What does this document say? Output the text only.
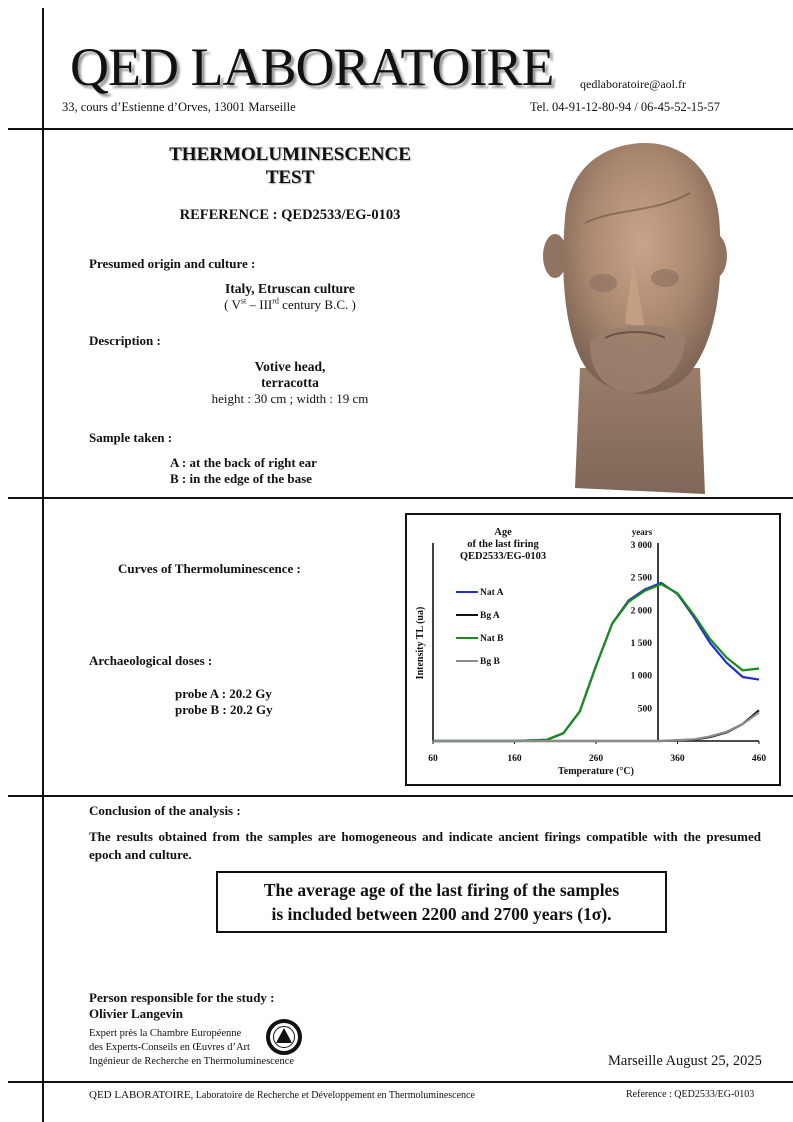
QED LABORATOIRE qedlaboratoire@aol.fr
33, cours d’Estienne d’Orves, 13001 Marseille	Tel. 04-91-12-80-94 / 06-45-52-15-57
THERMOLUMINESCENCE
TEST
REFERENCE : QED2533/EG-0103
Presumed origin and culture :
Italy, Etruscan culture
( Vst – IIIrd century B.C. )
Description :
Votive head,
terracotta
height : 30 cm ; width : 19 cm
Sample taken :
A : at the back of right ear
B : in the edge of the base
Curves of Thermoluminescence :
Archaeological doses :
probe A : 20.2 Gy
probe B : 20.2 Gy
Age
of the last firing
QED2533/EG-0103
Nat A
Bg A
Nat B
Bg B
60	160	260	360	460
500
1 000
1 500
2 000
2 500
3 000
Temperature (°C)
Intensity TL (ua)
years
Conclusion of the analysis :
The results obtained from the samples are homogeneous and indicate ancient firings compatible with the presumed epoch and culture.
The average age of the last firing of the samples
is included between 2200 and 2700 years (1σ).
Person responsible for the study :
Olivier Langevin
Expert près la Chambre Européenne
des Experts-Conseils en Œuvres d’Art
Ingénieur de Recherche en Thermoluminescence	Marseille August 25, 2025
QED LABORATOIRE, Laboratoire de Recherche et Développement en Thermoluminescence	Reference : QED2533/EG-0103
